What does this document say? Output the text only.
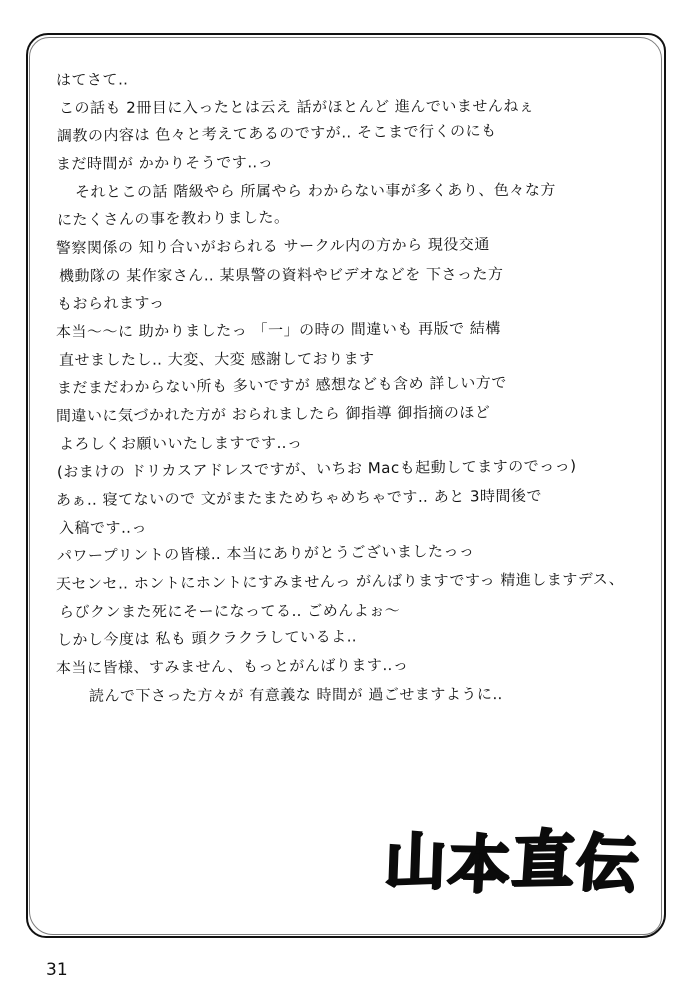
はてさて‥
この話も 2冊目に入ったとは云え 話がほとんど 進んでいませんねぇ
調教の内容は 色々と考えてあるのですが‥ そこまで行くのにも
まだ時間が かかりそうです‥っ
それとこの話 階級やら 所属やら わからない事が多くあり、色々な方
にたくさんの事を教わりました。
警察関係の 知り合いがおられる サークル内の方から 現役交通
機動隊の 某作家さん‥ 某県警の資料やビデオなどを 下さった方
もおられますっ
本当〜〜に 助かりましたっ 「一」の時の 間違いも 再版で 結構
直せましたし‥ 大変、大変 感謝しております
まだまだわからない所も 多いですが 感想なども含め 詳しい方で
間違いに気づかれた方が おられましたら 御指導 御指摘のほど
よろしくお願いいたしますです‥っ
(おまけの ドリカスアドレスですが、いちお Macも起動してますのでっっ)
あぁ‥ 寝てないので 文がまたまためちゃめちゃです‥ あと 3時間後で
入稿です‥っ
パワープリントの皆様‥ 本当にありがとうございましたっっ
天センセ‥ ホントにホントにすみませんっ がんばりますですっ 精進しますデス、
らびクンまた死にそーになってる‥ ごめんよぉ〜
しかし今度は 私も 頭クラクラしているよ‥
本当に皆様、すみません、もっとがんばります‥っ
読んで下さった方々が 有意義な 時間が 過ごせますように‥
山
本
直
伝
31
